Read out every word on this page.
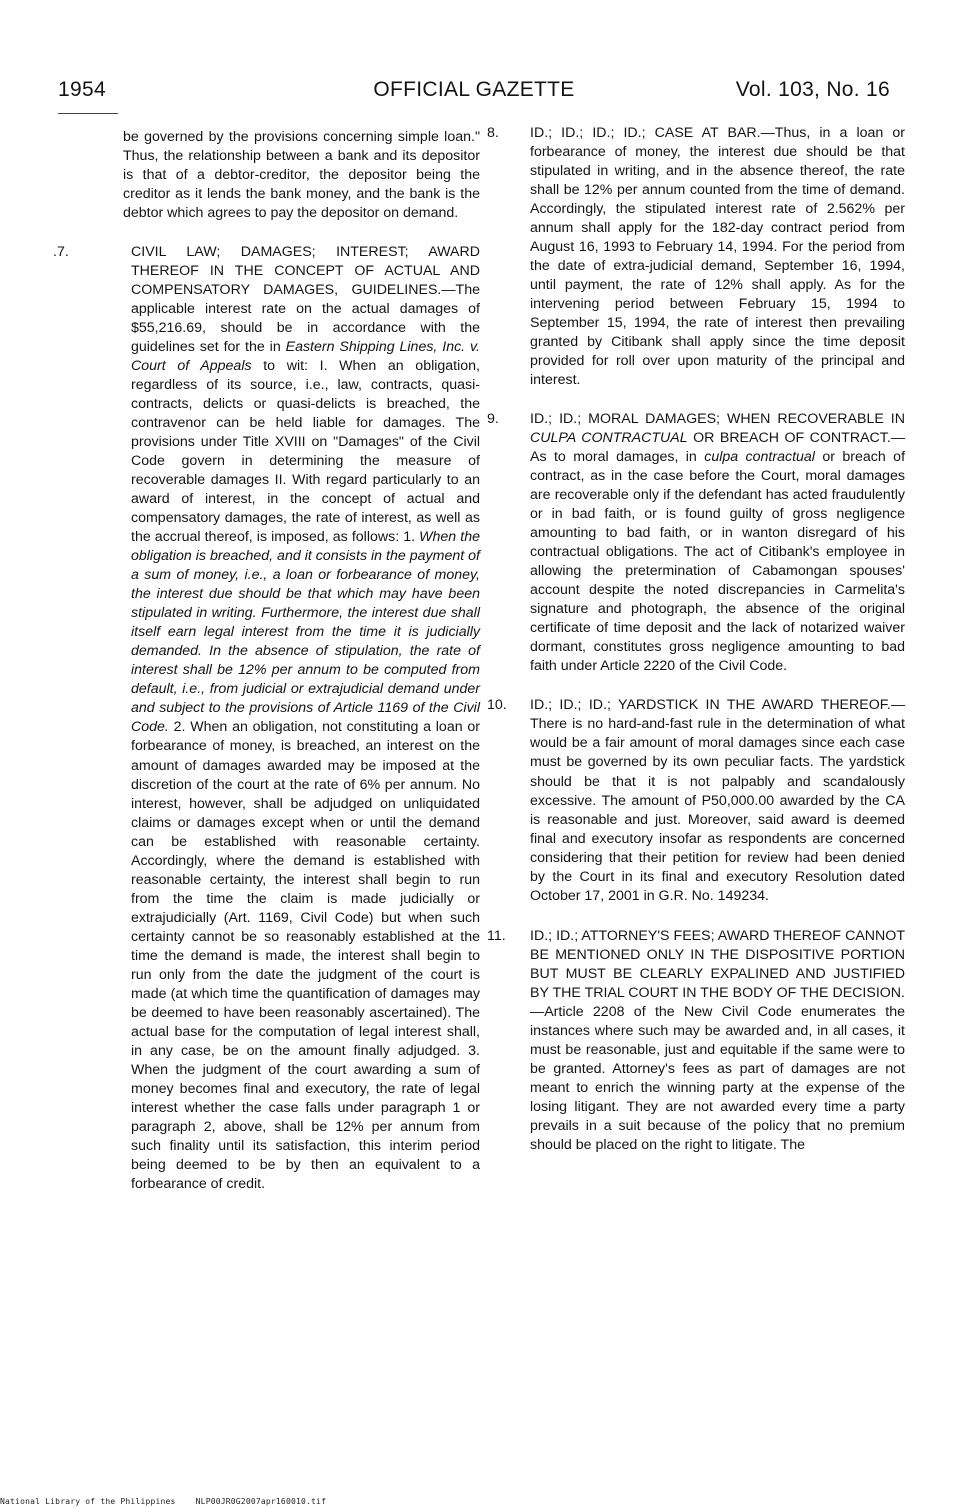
1954	OFFICIAL GAZETTE	Vol. 103, No. 16

be governed by the provisions concerning simple loan." Thus, the relationship between a bank and its depositor is that of a debtor-creditor, the depositor being the creditor as it lends the bank money, and the bank is the debtor which agrees to pay the depositor on demand.

.7.	CIVIL LAW; DAMAGES; INTEREST; AWARD THEREOF IN THE CONCEPT OF ACTUAL AND COMPENSATORY DAMAGES, GUIDELINES.—The applicable interest rate on the actual damages of $55,216.69, should be in accordance with the guidelines set for the in Eastern Shipping Lines, Inc. v. Court of Appeals to wit: I. When an obligation, regardless of its source, i.e., law, contracts, quasi-contracts, delicts or quasi-delicts is breached, the contravenor can be held liable for damages. The provisions under Title XVIII on "Damages" of the Civil Code govern in determining the measure of recoverable damages II. With regard particularly to an award of interest, in the concept of actual and compensatory damages, the rate of interest, as well as the accrual thereof, is imposed, as follows: 1. When the obligation is breached, and it consists in the payment of a sum of money, i.e., a loan or forbearance of money, the interest due should be that which may have been stipulated in writing. Furthermore, the interest due shall itself earn legal interest from the time it is judicially demanded. In the absence of stipulation, the rate of interest shall be 12% per annum to be computed from default, i.e., from judicial or extrajudicial demand under and subject to the provisions of Article 1169 of the Civil Code. 2. When an obligation, not constituting a loan or forbearance of money, is breached, an interest on the amount of damages awarded may be imposed at the discretion of the court at the rate of 6% per annum. No interest, however, shall be adjudged on unliquidated claims or damages except when or until the demand can be established with reasonable certainty. Accordingly, where the demand is established with reasonable certainty, the interest shall begin to run from the time the claim is made judicially or extrajudicially (Art. 1169, Civil Code) but when such certainty cannot be so reasonably established at the time the demand is made, the interest shall begin to run only from the date the judgment of the court is made (at which time the quantification of damages may be deemed to have been reasonably ascertained). The actual base for the computation of legal interest shall, in any case, be on the amount finally adjudged. 3. When the judgment of the court awarding a sum of money becomes final and executory, the rate of legal interest whether the case falls under paragraph 1 or paragraph 2, above, shall be 12% per annum from such finality until its satisfaction, this interim period being deemed to be by then an equivalent to a forbearance of credit.
8. ID.; ID.; ID.; ID.; CASE AT BAR.—Thus, in a loan or forbearance of money, the interest due should be that stipulated in writing, and in the absence thereof, the rate shall be 12% per annum counted from the time of demand. Accordingly, the stipulated interest rate of 2.562% per annum shall apply for the 182-day contract period from August 16, 1993 to February 14, 1994. For the period from the date of extra-judicial demand, September 16, 1994, until payment, the rate of 12% shall apply. As for the intervening period between February 15, 1994 to September 15, 1994, the rate of interest then prevailing granted by Citibank shall apply since the time deposit provided for roll over upon maturity of the principal and interest.
9. ID.; ID.; MORAL DAMAGES; WHEN RECOVERABLE IN CULPA CONTRACTUAL OR BREACH OF CONTRACT.—As to moral damages, in culpa contractual or breach of contract, as in the case before the Court, moral damages are recoverable only if the defendant has acted fraudulently or in bad faith, or is found guilty of gross negligence amounting to bad faith, or in wanton disregard of his contractual obligations. The act of Citibank's employee in allowing the pretermination of Cabamongan spouses' account despite the noted discrepancies in Carmelita's signature and photograph, the absence of the original certificate of time deposit and the lack of notarized waiver dormant, constitutes gross negligence amounting to bad faith under Article 2220 of the Civil Code.
10. ID.; ID.; ID.; YARDSTICK IN THE AWARD THEREOF.—There is no hard-and-fast rule in the determination of what would be a fair amount of moral damages since each case must be governed by its own peculiar facts. The yardstick should be that it is not palpably and scandalously excessive. The amount of P50,000.00 awarded by the CA is reasonable and just. Moreover, said award is deemed final and executory insofar as respondents are concerned considering that their petition for review had been denied by the Court in its final and executory Resolution dated October 17, 2001 in G.R. No. 149234.
11. ID.; ID.; ATTORNEY'S FEES; AWARD THEREOF CANNOT BE MENTIONED ONLY IN THE DISPOSITIVE PORTION BUT MUST BE CLEARLY EXPALINED AND JUSTIFIED BY THE TRIAL COURT IN THE BODY OF THE DECISION.—Article 2208 of the New Civil Code enumerates the instances where such may be awarded and, in all cases, it must be reasonable, just and equitable if the same were to be granted. Attorney's fees as part of damages are not meant to enrich the winning party at the expense of the losing litigant. They are not awarded every time a party prevails in a suit because of the policy that no premium should be placed on the right to litigate. The
National Library of the Philippines	NLP00JR0G2007apr160010.tif
